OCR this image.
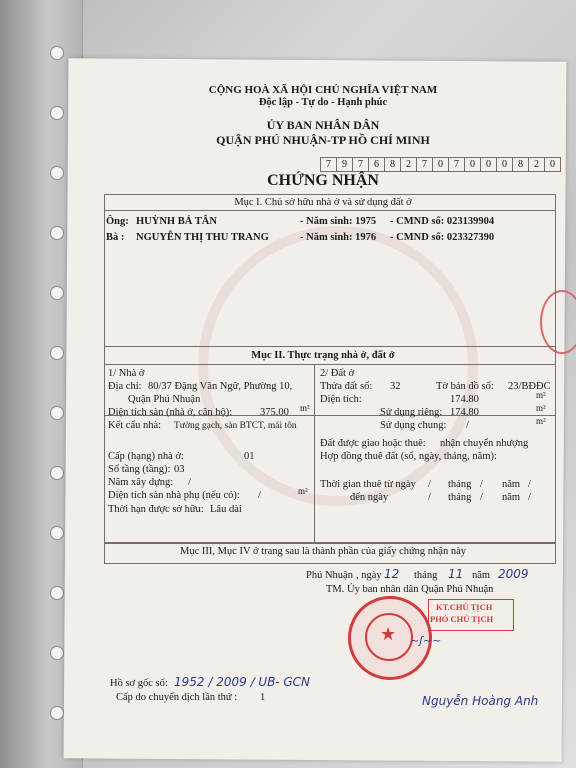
CỘNG HOÀ XÃ HỘI CHỦ NGHĨA VIỆT NAM
Độc lập - Tự do - Hạnh phúc
ỦY BAN NHÂN DÂN
QUẬN PHÚ NHUẬN-TP HỒ CHÍ MINH
7	9	7	6	8	2	7	0	7	0	0	0	8	2	0
CHỨNG NHẬN
Mục I. Chủ sở hữu nhà ở và sử dụng đất ở
Ông: HUỲNH BÁ TÂN	- Năm sinh: 1975 - CMND số: 023139904
Bà : NGUYỄN THỊ THU TRANG	- Năm sinh: 1976 - CMND số: 023327390
Mục II. Thực trạng nhà ở, đất ở
1/ Nhà ở
Địa chỉ: 80/37 Đặng Văn Ngữ, Phường 10,
Quận Phú Nhuận
Diện tích sàn (nhà ở, căn hộ):	375.00 m²
Kết cấu nhà: Tường gạch, sàn BTCT, mái tôn
Cấp (hạng) nhà ở:	01
Số tầng (tầng): 03
Năm xây dựng: /
Diện tích sàn nhà phụ (nếu có): /	m²
Thời hạn được sở hữu: Lâu dài
2/ Đất ở
Thửa đất số: 32	Tờ bản đồ số: 23/BĐĐC
Diện tích:	174.80	m²
Sử dụng riêng: 174.80	m²
Sử dụng chung: /	m²
Đất được giao hoặc thuê: nhận chuyển nhượng
Hợp đồng thuê đất (số, ngày, tháng, năm):
Thời gian thuê từ ngày / tháng / năm /
đến ngày	/ tháng / năm /
Mục III, Mục IV ở trang sau là thành phần của giấy chứng nhận này
Phú Nhuận , ngày 12 tháng 11 năm 2009
TM. Ủy ban nhân dân Quận Phú Nhuận
★
KT.CHỦ TỊCH
PHÓ CHỦ TỊCH
~ʃ~~
Nguyễn Hoàng Anh
Hồ sơ gốc số: 1952 / 2009 / UB- GCN
Cấp do chuyển dịch lần thứ : 1
